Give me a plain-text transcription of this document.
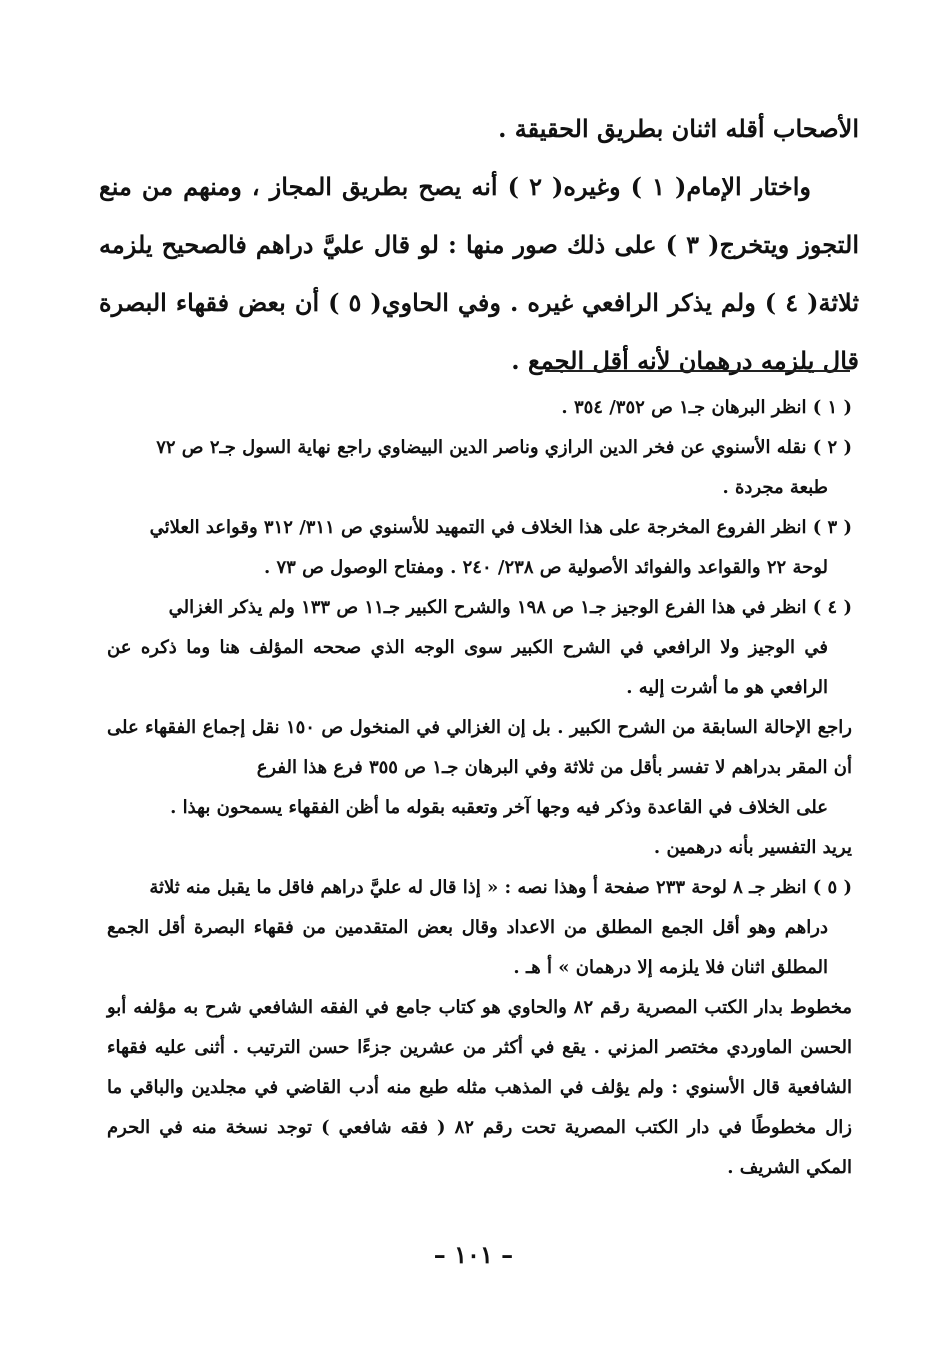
الأصحاب أقله اثنان بطريق الحقيقة .

واختار الإمام( ١ ) وغيره( ٢ ) أنه يصح بطريق المجاز ، ومنهم من منع التجوز ويتخرج( ٣ ) على ذلك صور منها : لو قال عليَّ دراهم فالصحيح يلزمه ثلاثة( ٤ ) ولم يذكر الرافعي غيره . وفي الحاوي( ٥ ) أن بعض فقهاء البصرة قال يلزمه درهمان لأنه أقل الجمع .

( ١ ) انظر البرهان جـ١ ص ٣٥٢/ ٣٥٤ .

( ٢ ) نقله الأسنوي عن فخر الدين الرازي وناصر الدين البيضاوي راجع نهاية السول جـ٢ ص ٧٢

طبعة مجردة .

( ٣ ) انظر الفروع المخرجة على هذا الخلاف في التمهيد للأسنوي ص ٣١١/ ٣١٢ وقواعد العلائي

لوحة ٢٢ والقواعد والفوائد الأصولية ص ٢٣٨/ ٢٤٠ . ومفتاح الوصول ص ٧٣ .

( ٤ ) انظر في هذا الفرع الوجيز جـ١ ص ١٩٨ والشرح الكبير جـ١١ ص ١٣٣ ولم يذكر الغزالي

في الوجيز ولا الرافعي في الشرح الكبير سوى الوجه الذي صححه المؤلف هنا وما ذكره عن الرافعي هو ما أشرت إليه .

راجع الإحالة السابقة من الشرح الكبير . بل إن الغزالي في المنخول ص ١٥٠ نقل إجماع الفقهاء على أن المقر بدراهم لا تفسر بأقل من ثلاثة وفي البرهان جـ١ ص ٣٥٥ فرع هذا الفرع

على الخلاف في القاعدة وذكر فيه وجها آخر وتعقبه بقوله ما أظن الفقهاء يسمحون بهذا .

يريد التفسير بأنه درهمين .

( ٥ ) انظر جـ ٨ لوحة ٢٣٣ صفحة أ وهذا نصه : « إذا قال له عليَّ دراهم فاقل ما يقبل منه ثلاثة

دراهم وهو أقل الجمع المطلق من الاعداد وقال بعض المتقدمين من فقهاء البصرة أقل الجمع المطلق اثنان فلا يلزمه إلا درهمان » أ هـ .

مخطوط بدار الكتب المصرية رقم ٨٢ والحاوي هو كتاب جامع في الفقه الشافعي شرح به مؤلفه أبو الحسن الماوردي مختصر المزني . يقع في أكثر من عشرين جزءًا حسن الترتيب . أثنى عليه فقهاء الشافعية قال الأسنوي : ولم يؤلف في المذهب مثله طبع منه أدب القاضي في مجلدين والباقي ما زال مخطوطًا في دار الكتب المصرية تحت رقم ٨٢ ( فقه شافعي ) توجد نسخة منه في الحرم المكي الشريف .

– ١٠١ –
